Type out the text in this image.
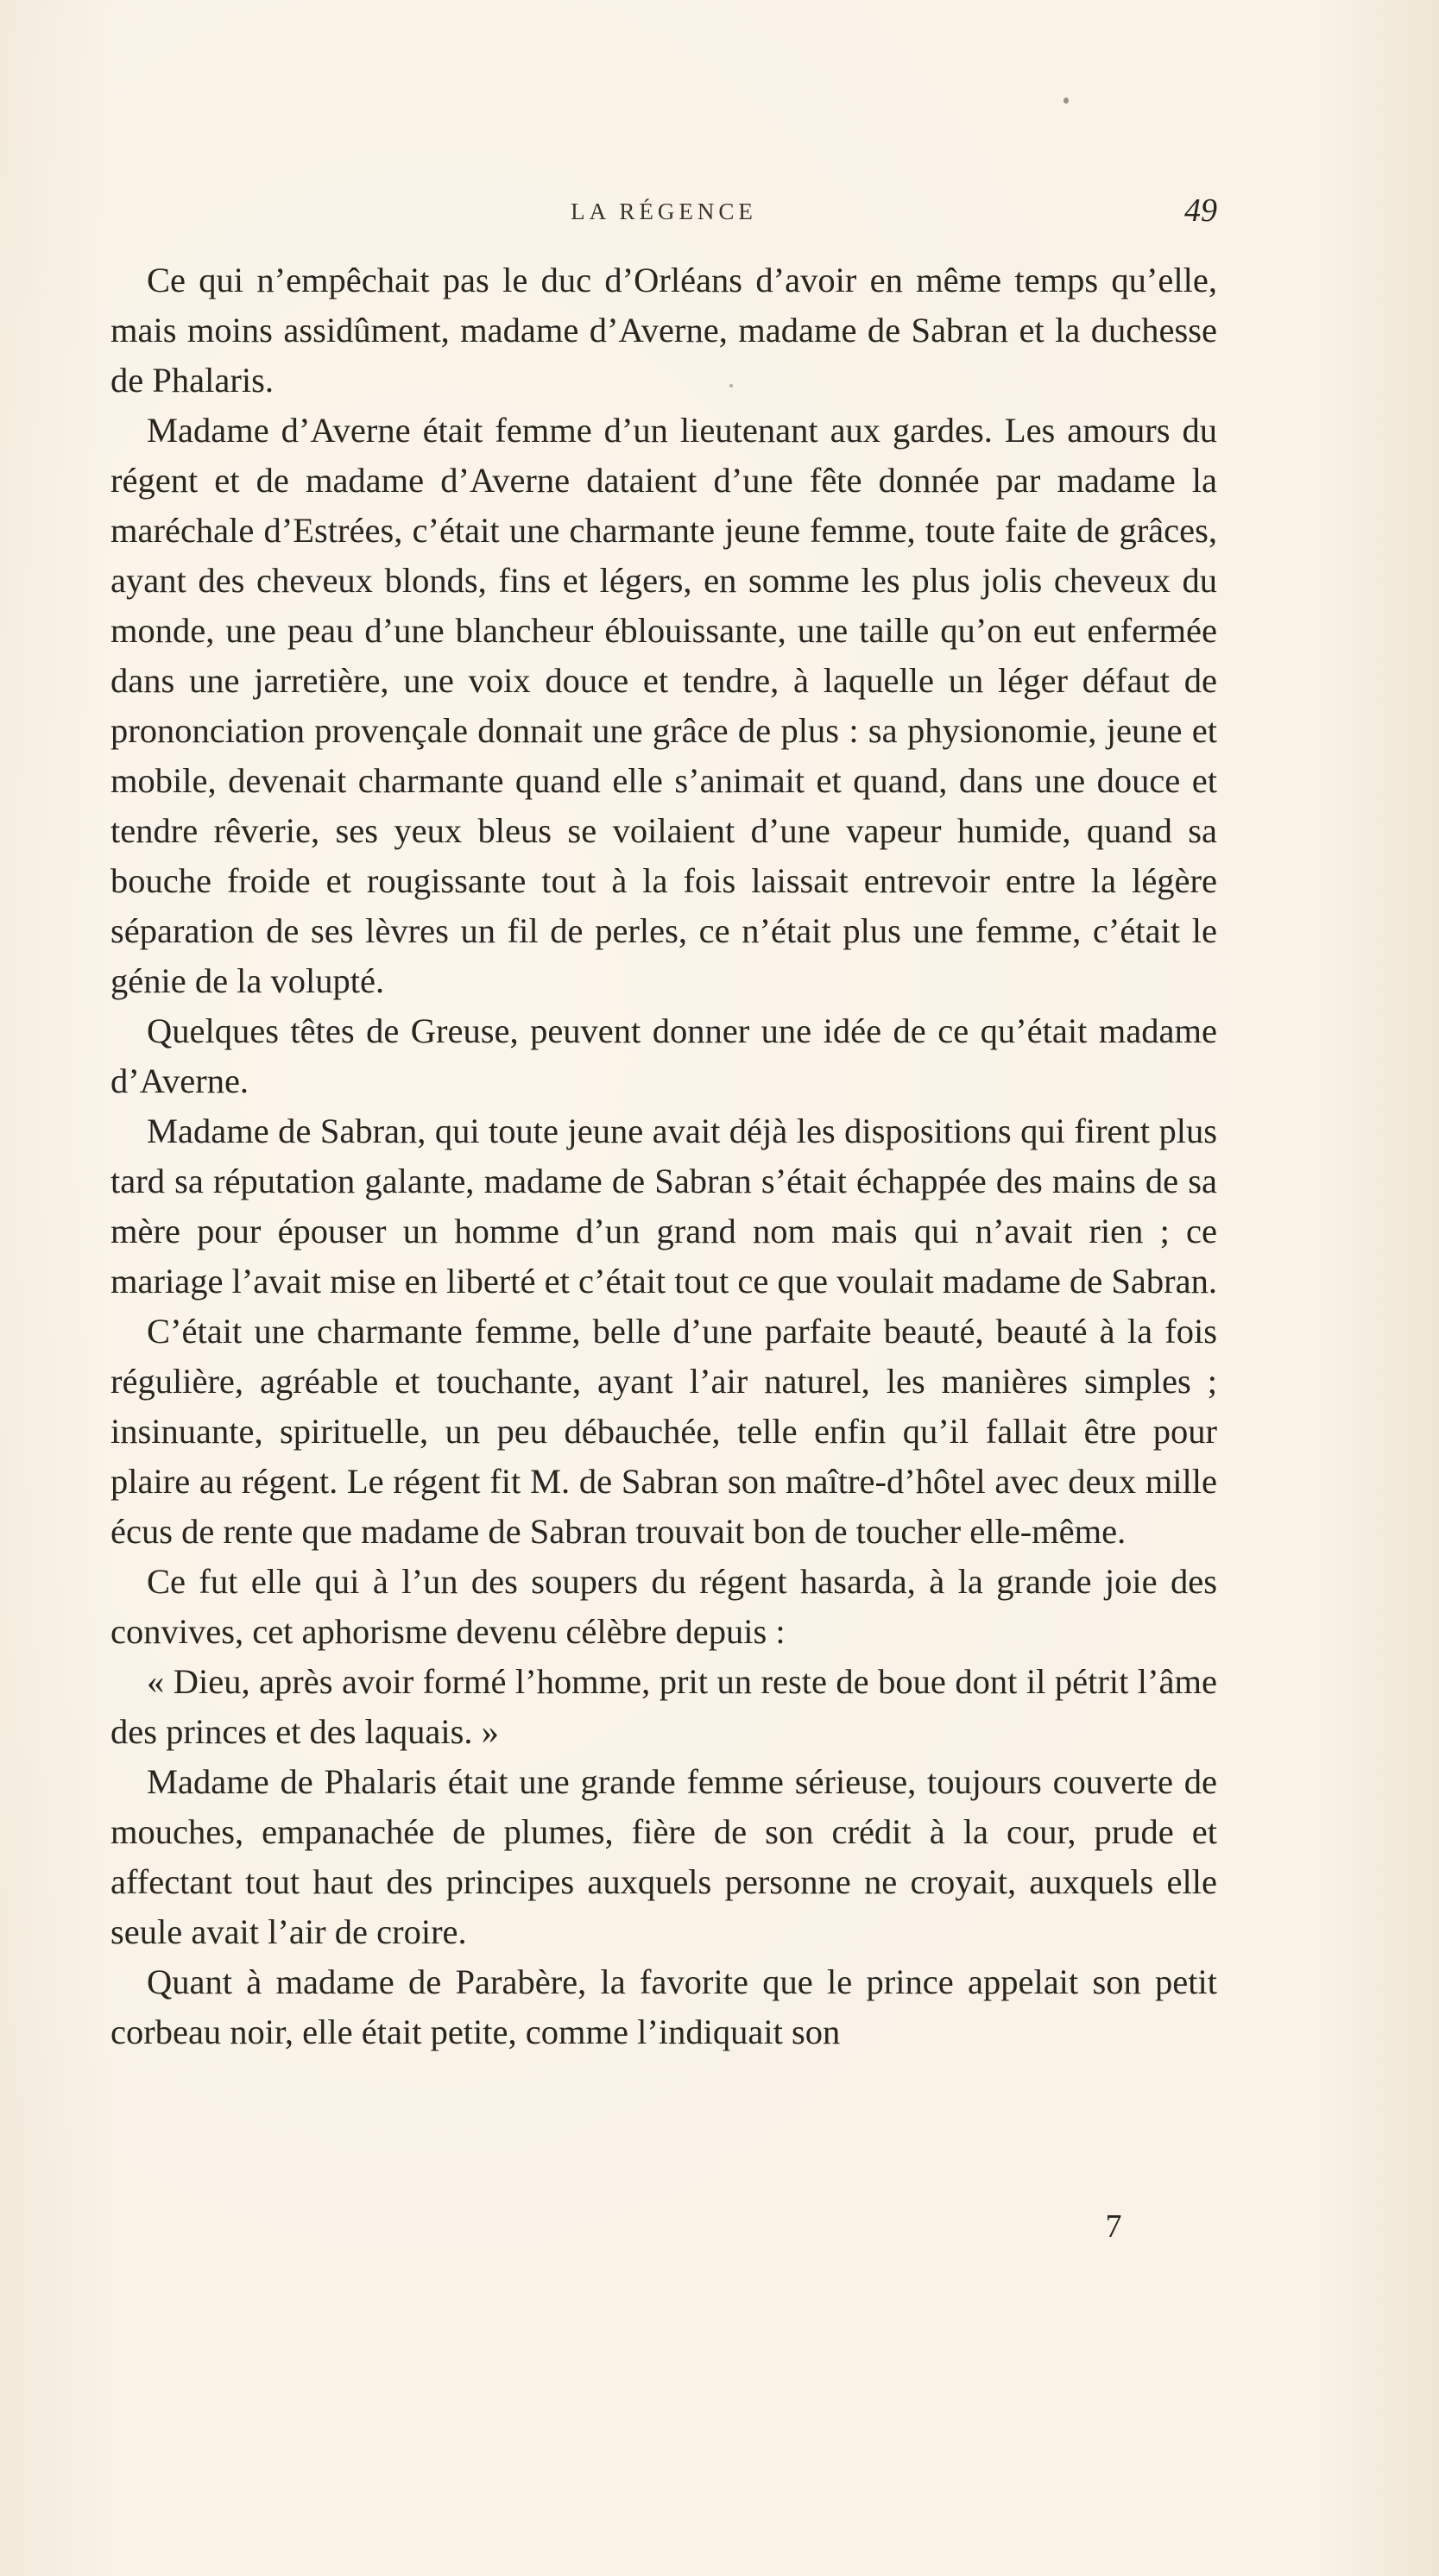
LA RÉGENCE	49

Ce qui n’empêchait pas le duc d’Orléans d’avoir en même temps qu’elle, mais moins assidûment, madame d’Averne, madame de Sabran et la duchesse de Phalaris.

Madame d’Averne était femme d’un lieutenant aux gardes. Les amours du régent et de madame d’Averne dataient d’une fête donnée par madame la maréchale d’Estrées, c’était une charmante jeune femme, toute faite de grâces, ayant des cheveux blonds, fins et légers, en somme les plus jolis cheveux du monde, une peau d’une blancheur éblouissante, une taille qu’on eut enfermée dans une jarretière, une voix douce et tendre, à laquelle un léger défaut de prononciation provençale donnait une grâce de plus : sa physionomie, jeune et mobile, devenait charmante quand elle s’animait et quand, dans une douce et tendre rêverie, ses yeux bleus se voilaient d’une vapeur humide, quand sa bouche froide et rougissante tout à la fois laissait entrevoir entre la légère séparation de ses lèvres un fil de perles, ce n’était plus une femme, c’était le génie de la volupté.

Quelques têtes de Greuse, peuvent donner une idée de ce qu’était madame d’Averne.

Madame de Sabran, qui toute jeune avait déjà les dispositions qui firent plus tard sa réputation galante, madame de Sabran s’était échappée des mains de sa mère pour épouser un homme d’un grand nom mais qui n’avait rien ; ce mariage l’avait mise en liberté et c’était tout ce que voulait madame de Sabran.

C’était une charmante femme, belle d’une parfaite beauté, beauté à la fois régulière, agréable et touchante, ayant l’air naturel, les manières simples ; insinuante, spirituelle, un peu débauchée, telle enfin qu’il fallait être pour plaire au régent. Le régent fit M. de Sabran son maître-d’hôtel avec deux mille écus de rente que madame de Sabran trouvait bon de toucher elle-même.

Ce fut elle qui à l’un des soupers du régent hasarda, à la grande joie des convives, cet aphorisme devenu célèbre depuis :

« Dieu, après avoir formé l’homme, prit un reste de boue dont il pétrit l’âme des princes et des laquais. »

Madame de Phalaris était une grande femme sérieuse, toujours couverte de mouches, empanachée de plumes, fière de son crédit à la cour, prude et affectant tout haut des principes auxquels personne ne croyait, auxquels elle seule avait l’air de croire.

Quant à madame de Parabère, la favorite que le prince appelait son petit corbeau noir, elle était petite, comme l’indiquait son

7
